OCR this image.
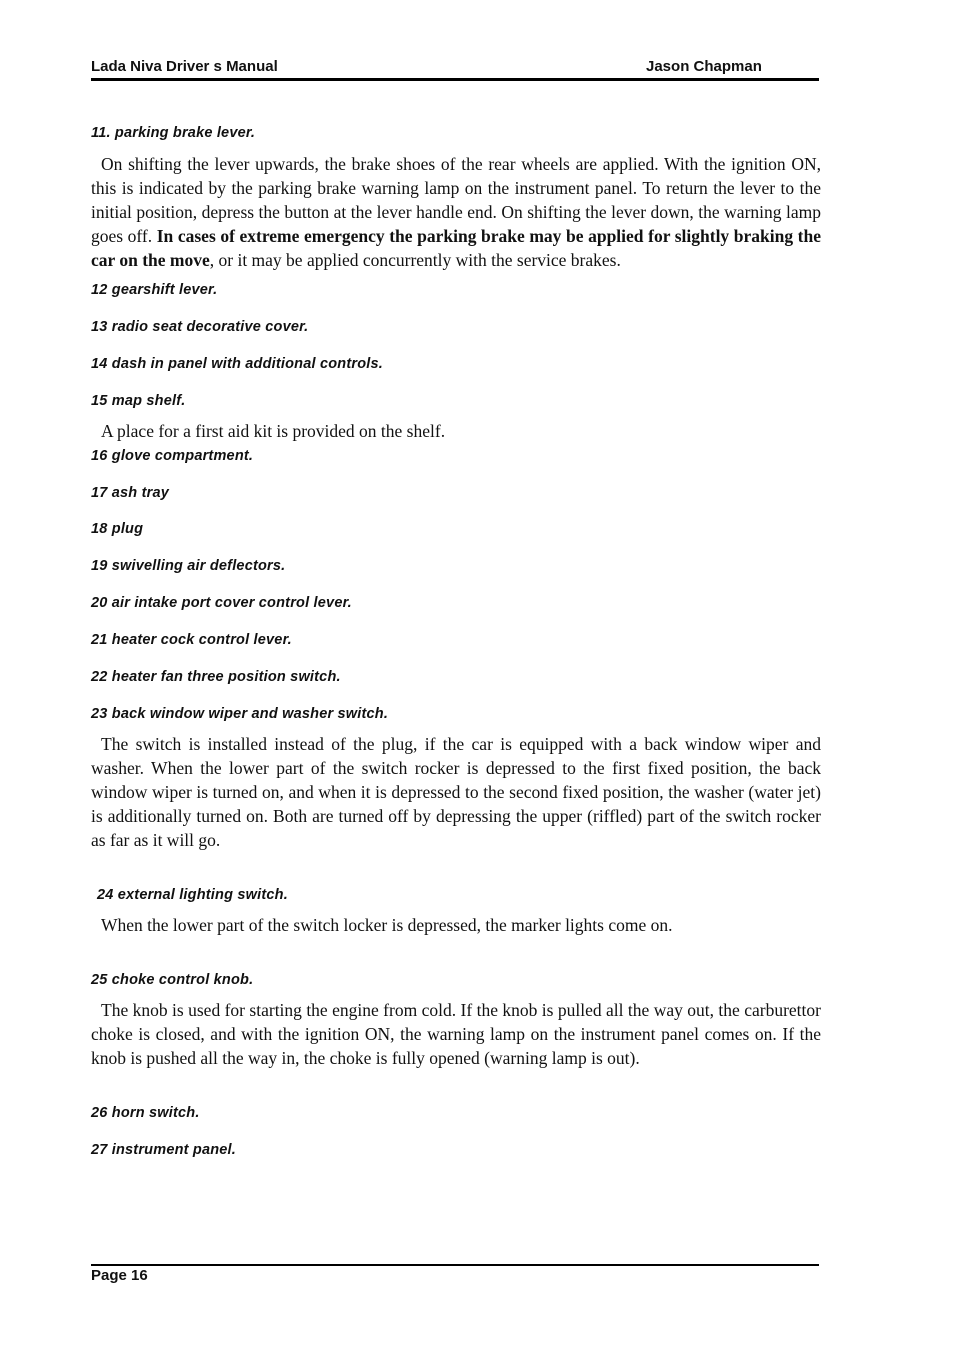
Lada Niva Driver s Manual	Jason Chapman

11. parking brake lever.

On shifting the lever upwards, the brake shoes of the rear wheels are applied. With the ignition ON, this is indicated by the parking brake warning lamp on the instrument panel. To return the lever to the initial position, depress the button at the lever handle end. On shifting the lever down, the warning lamp goes off. In cases of extreme emergency the parking brake may be applied for slightly braking the car on the move, or it may be applied concurrently with the service brakes.

12 gearshift lever.

13 radio seat decorative cover.

14 dash in panel with additional controls.

15 map shelf.

A place for a first aid kit is provided on the shelf.

16 glove compartment.

17 ash tray

18 plug

19 swivelling air deflectors.

20 air intake port cover control lever.

21 heater cock control lever.

22 heater fan three position switch.

23 back window wiper and washer switch.

The switch is installed instead of the plug, if the car is equipped with a back window wiper and washer. When the lower part of the switch rocker is depressed to the first fixed position, the back window wiper is turned on, and when it is depressed to the second fixed position, the washer (water jet) is additionally turned on. Both are turned off by depressing the upper (riffled) part of the switch rocker as far as it will go.

24 external lighting switch.

When the lower part of the switch locker is depressed, the marker lights come on.

25 choke control knob.

The knob is used for starting the engine from cold. If the knob is pulled all the way out, the carburettor choke is closed, and with the ignition ON, the warning lamp on the instrument panel comes on. If the knob is pushed all the way in, the choke is fully opened (warning lamp is out).

26 horn switch.

27 instrument panel.

Page 16
